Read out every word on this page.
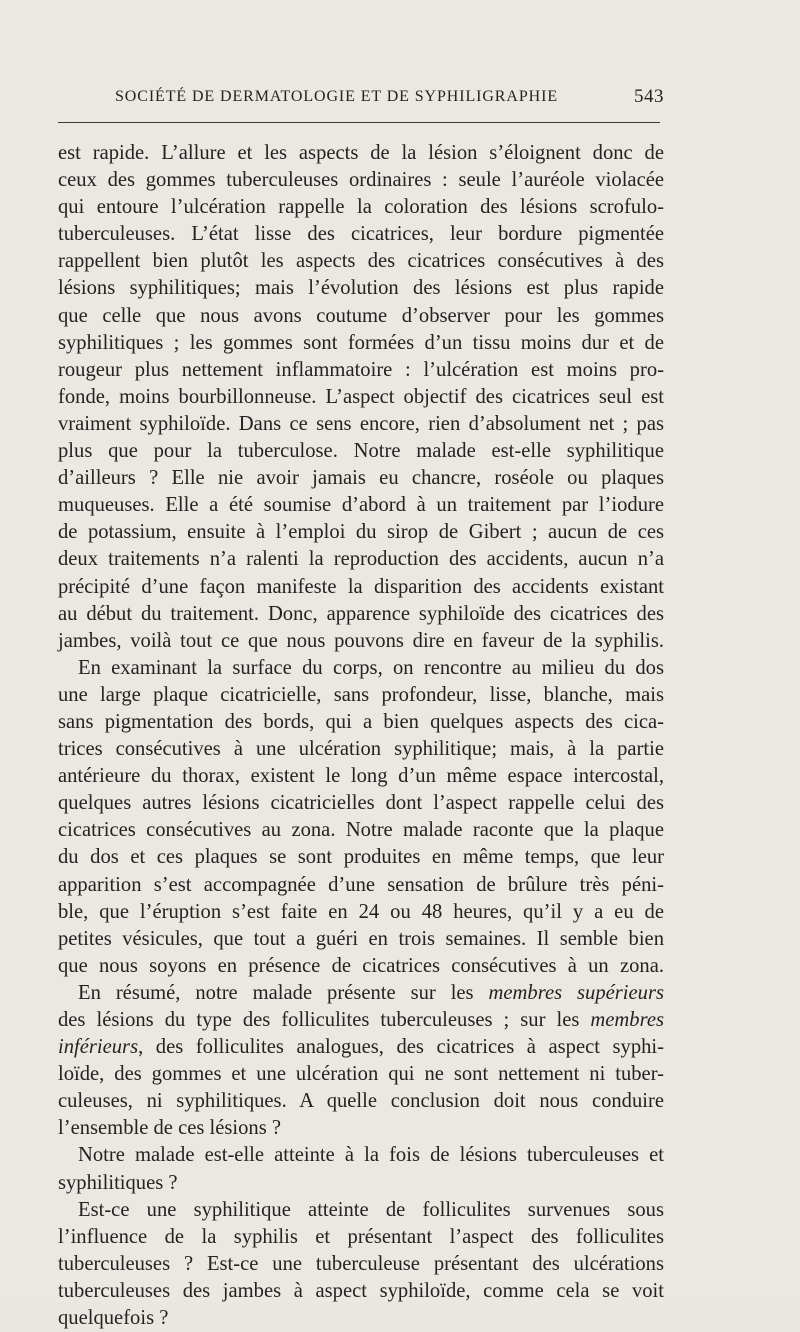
SOCIÉTÉ DE DERMATOLOGIE ET DE SYPHILIGRAPHIE	543
est rapide. L’allure et les aspects de la lésion s’éloignent donc de
ceux des gommes tuberculeuses ordinaires : seule l’auréole violacée
qui entoure l’ulcération rappelle la coloration des lésions scrofulo-
tuberculeuses. L’état lisse des cicatrices, leur bordure pigmentée
rappellent bien plutôt les aspects des cicatrices consécutives à des
lésions syphilitiques; mais l’évolution des lésions est plus rapide
que celle que nous avons coutume d’observer pour les gommes
syphilitiques ; les gommes sont formées d’un tissu moins dur et de
rougeur plus nettement inflammatoire : l’ulcération est moins pro-
fonde, moins bourbillonneuse. L’aspect objectif des cicatrices seul est
vraiment syphiloïde. Dans ce sens encore, rien d’absolument net ; pas
plus que pour la tuberculose. Notre malade est-elle syphilitique
d’ailleurs ? Elle nie avoir jamais eu chancre, roséole ou plaques
muqueuses. Elle a été soumise d’abord à un traitement par l’iodure
de potassium, ensuite à l’emploi du sirop de Gibert ; aucun de ces
deux traitements n’a ralenti la reproduction des accidents, aucun n’a
précipité d’une façon manifeste la disparition des accidents existant
au début du traitement. Donc, apparence syphiloïde des cicatrices des
jambes, voilà tout ce que nous pouvons dire en faveur de la syphilis.
En examinant la surface du corps, on rencontre au milieu du dos
une large plaque cicatricielle, sans profondeur, lisse, blanche, mais
sans pigmentation des bords, qui a bien quelques aspects des cica-
trices consécutives à une ulcération syphilitique; mais, à la partie
antérieure du thorax, existent le long d’un même espace intercostal,
quelques autres lésions cicatricielles dont l’aspect rappelle celui des
cicatrices consécutives au zona. Notre malade raconte que la plaque
du dos et ces plaques se sont produites en même temps, que leur
apparition s’est accompagnée d’une sensation de brûlure très péni-
ble, que l’éruption s’est faite en 24 ou 48 heures, qu’il y a eu de
petites vésicules, que tout a guéri en trois semaines. Il semble bien
que nous soyons en présence de cicatrices consécutives à un zona.
En résumé, notre malade présente sur les membres supérieurs
des lésions du type des folliculites tuberculeuses ; sur les membres
inférieurs, des folliculites analogues, des cicatrices à aspect syphi-
loïde, des gommes et une ulcération qui ne sont nettement ni tuber-
culeuses, ni syphilitiques. A quelle conclusion doit nous conduire
l’ensemble de ces lésions ?
Notre malade est-elle atteinte à la fois de lésions tuberculeuses et
syphilitiques ?
Est-ce une syphilitique atteinte de folliculites survenues sous
l’influence de la syphilis et présentant l’aspect des folliculites
tuberculeuses ? Est-ce une tuberculeuse présentant des ulcérations
tuberculeuses des jambes à aspect syphiloïde, comme cela se voit
quelquefois ?
